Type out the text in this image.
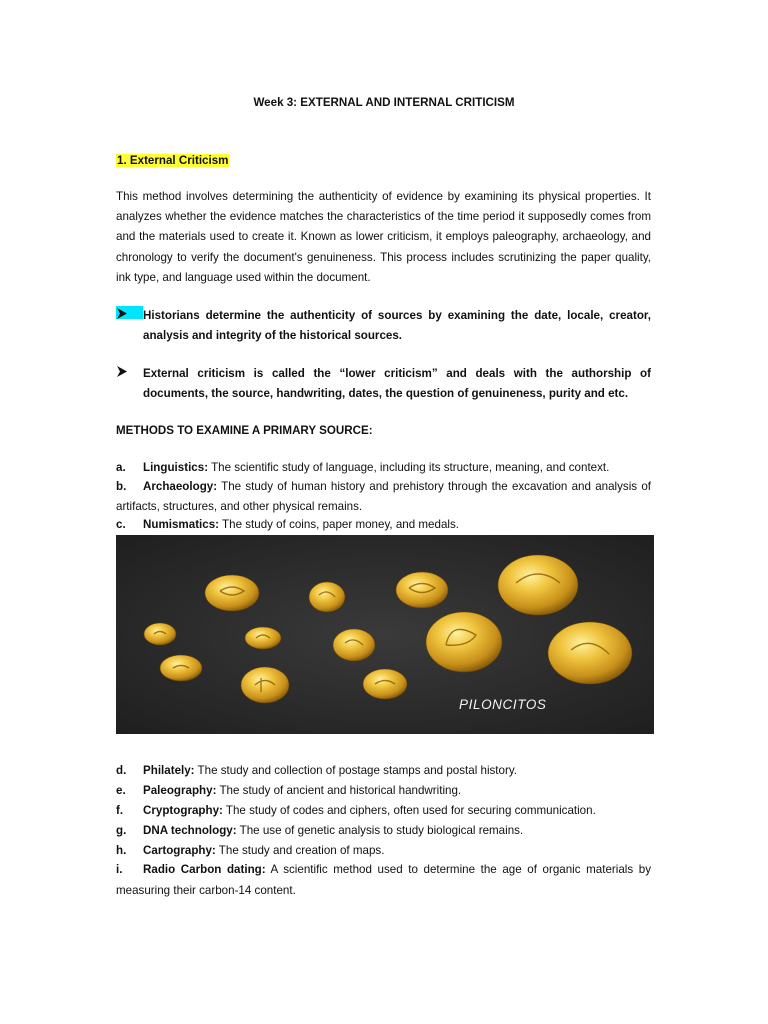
Week 3: EXTERNAL AND INTERNAL CRITICISM
1. External Criticism
This method involves determining the authenticity of evidence by examining its physical properties. It analyzes whether the evidence matches the characteristics of the time period it supposedly comes from and the materials used to create it. Known as lower criticism, it employs paleography, archaeology, and chronology to verify the document's genuineness. This process includes scrutinizing the paper quality, ink type, and language used within the document.
Historians determine the authenticity of sources by examining the date, locale, creator, analysis and integrity of the historical sources.
External criticism is called the “lower criticism” and deals with the authorship of documents, the source, handwriting, dates, the question of genuineness, purity and etc.
METHODS TO EXAMINE A PRIMARY SOURCE:
a. Linguistics: The scientific study of language, including its structure, meaning, and context.
b. Archaeology: The study of human history and prehistory through the excavation and analysis of artifacts, structures, and other physical remains.
c. Numismatics: The study of coins, paper money, and medals.
PILONCITOS
d. Philately: The study and collection of postage stamps and postal history.
e. Paleography: The study of ancient and historical handwriting.
f. Cryptography: The study of codes and ciphers, often used for securing communication.
g. DNA technology: The use of genetic analysis to study biological remains.
h. Cartography: The study and creation of maps.
i. Radio Carbon dating: A scientific method used to determine the age of organic materials by measuring their carbon-14 content.
